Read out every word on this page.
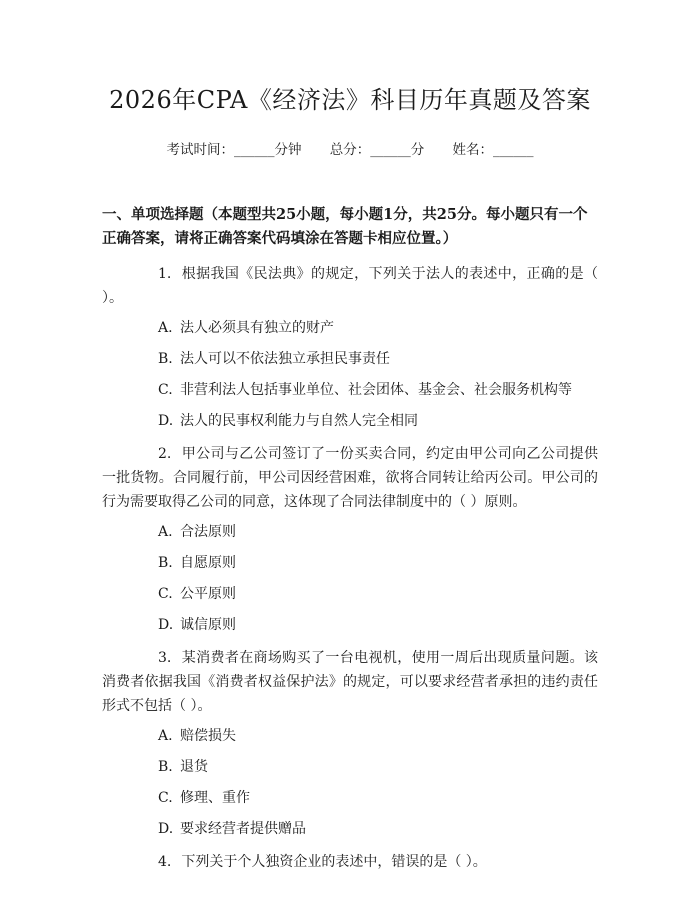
2026年CPA《经济法》科目历年真题及答案
考试时间：______分钟 总分：______分 姓名：______
一、单项选择题（本题型共25小题，每小题1分，共25分。每小题只有一个正确答案，请将正确答案代码填涂在答题卡相应位置。）
1. 根据我国《民法典》的规定，下列关于法人的表述中，正确的是（ ）。
A. 法人必须具有独立的财产
B. 法人可以不依法独立承担民事责任
C. 非营利法人包括事业单位、社会团体、基金会、社会服务机构等
D. 法人的民事权利能力与自然人完全相同
2. 甲公司与乙公司签订了一份买卖合同，约定由甲公司向乙公司提供一批货物。合同履行前，甲公司因经营困难，欲将合同转让给丙公司。甲公司的行为需要取得乙公司的同意，这体现了合同法律制度中的（ ）原则。
A. 合法原则
B. 自愿原则
C. 公平原则
D. 诚信原则
3. 某消费者在商场购买了一台电视机，使用一周后出现质量问题。该消费者依据我国《消费者权益保护法》的规定，可以要求经营者承担的违约责任形式不包括（ ）。
A. 赔偿损失
B. 退货
C. 修理、重作
D. 要求经营者提供赠品
4. 下列关于个人独资企业的表述中，错误的是（ ）。
